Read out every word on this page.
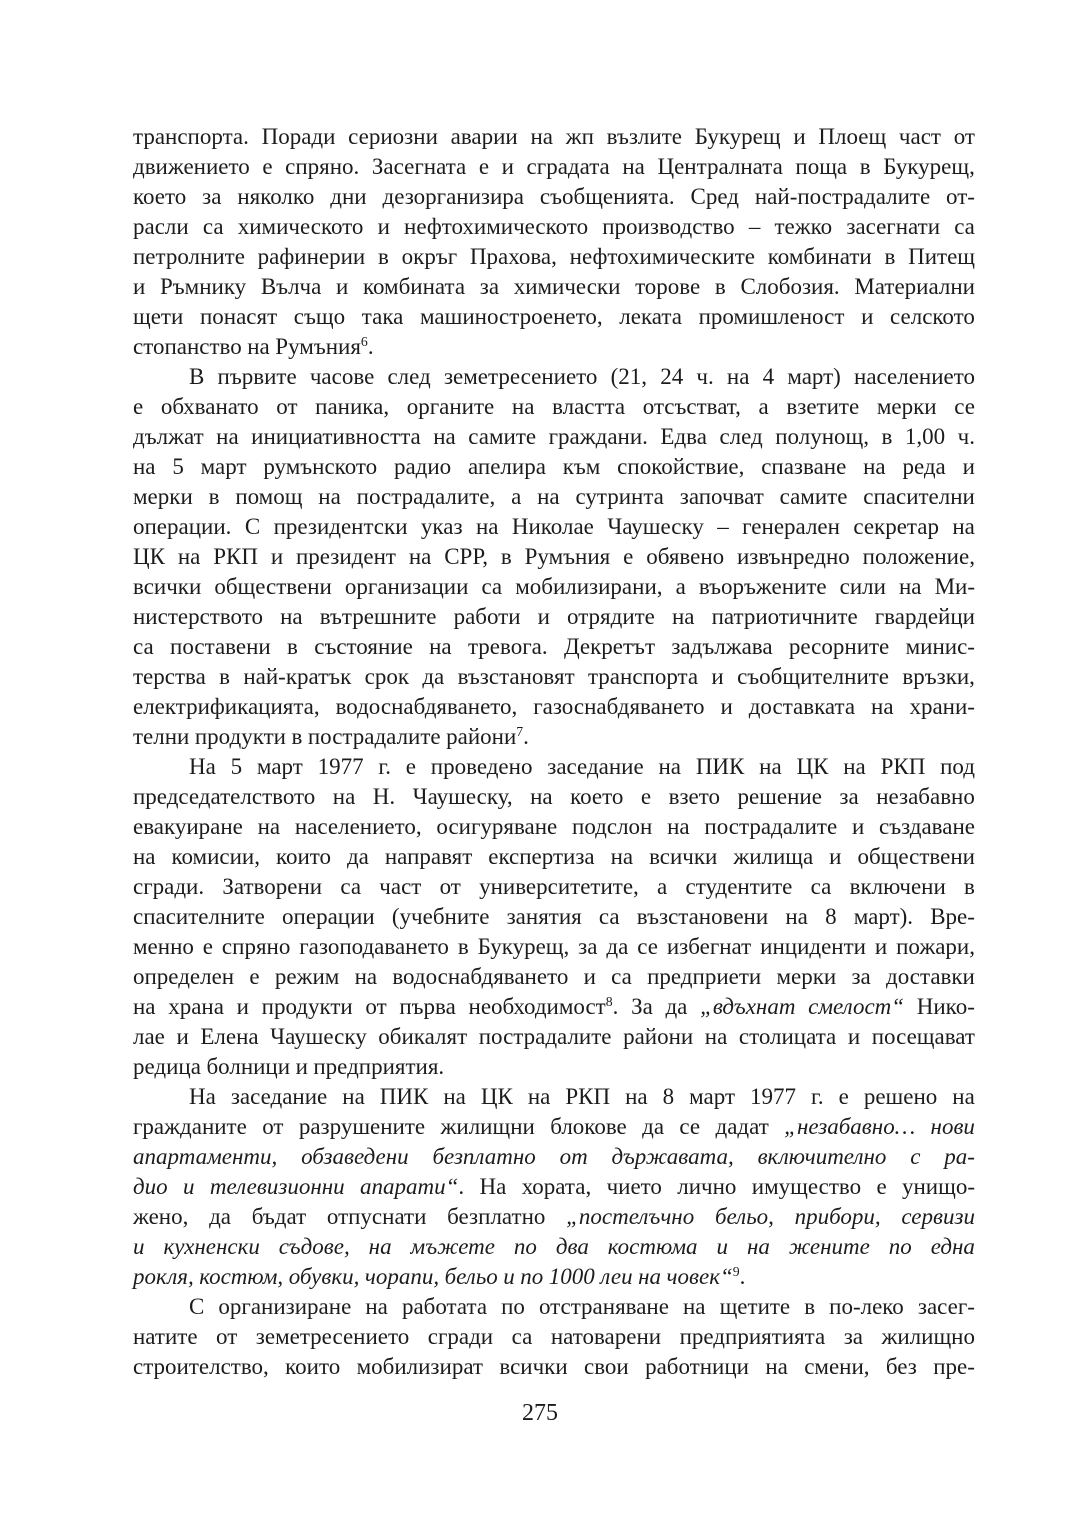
транспорта. Поради сериозни аварии на жп възлите Букурещ и Плоещ част от
движението е спряно. Засегната е и сградата на Централната поща в Букурещ,
което за няколко дни дезорганизира съобщенията. Сред най-пострадалите от-
расли са химическото и нефтохимическото производство – тежко засегнати са
петролните рафинерии в окръг Прахова, нефтохимическите комбинати в Питещ
и Ръмнику Вълча и комбината за химически торове в Слобозия. Материални
щети понасят също така машиностроенето, леката промишленост и селското
стопанство на Румъния$^6$.
В първите часове след земетресението (21, 24 ч. на 4 март) населението
е обхванато от паника, органите на властта отсъстват, а взетите мерки се
дължат на инициативността на самите граждани. Едва след полунощ, в 1,00 ч.
на 5 март румънското радио апелира към спокойствие, спазване на реда и
мерки в помощ на пострадалите, а на сутринта започват самите спасителни
операции. С президентски указ на Николае Чаушеску – генерален секретар на
ЦК на РКП и президент на СРР, в Румъния е обявено извънредно положение,
всички обществени организации са мобилизирани, а въоръжените сили на Ми-
нистерството на вътрешните работи и отрядите на патриотичните гвардейци
са поставени в състояние на тревога. Декретът задължава ресорните минис-
терства в най-кратък срок да възстановят транспорта и съобщителните връзки,
електрификацията, водоснабдяването, газоснабдяването и доставката на храни-
телни продукти в пострадалите райони$^7$.
На 5 март 1977 г. е проведено заседание на ПИК на ЦК на РКП под
председателството на Н. Чаушеску, на което е взето решение за незабавно
евакуиране на населението, осигуряване подслон на пострадалите и създаване
на комисии, които да направят експертиза на всички жилища и обществени
сгради. Затворени са част от университетите, а студентите са включени в
спасителните операции (учебните занятия са възстановени на 8 март). Вре-
менно е спряно газоподаването в Букурещ, за да се избегнат инциденти и пожари,
определен е режим на водоснабдяването и са предприети мерки за доставки
на храна и продукти от първа необходимост$^8$. За да „вдъхнат смелост“ Нико-
лае и Елена Чаушеску обикалят пострадалите райони на столицата и посещават
редица болници и предприятия.
На заседание на ПИК на ЦК на РКП на 8 март 1977 г. е решено на
гражданите от разрушените жилищни блокове да се дадат „незабавно… нови
апартаменти, обзаведени безплатно от държавата, включително с ра-
дио и телевизионни апарати“. На хората, чието лично имущество е унищо-
жено, да бъдат отпуснати безплатно „постелъчно бельо, прибори, сервизи
и кухненски съдове, на мъжете по два костюма и на жените по една
рокля, костюм, обувки, чорапи, бельо и по 1000 леи на човек“$^9$.
С организиране на работата по отстраняване на щетите в по-леко засег-
натите от земетресението сгради са натоварени предприятията за жилищно
строителство, които мобилизират всички свои работници на смени, без пре-
275
